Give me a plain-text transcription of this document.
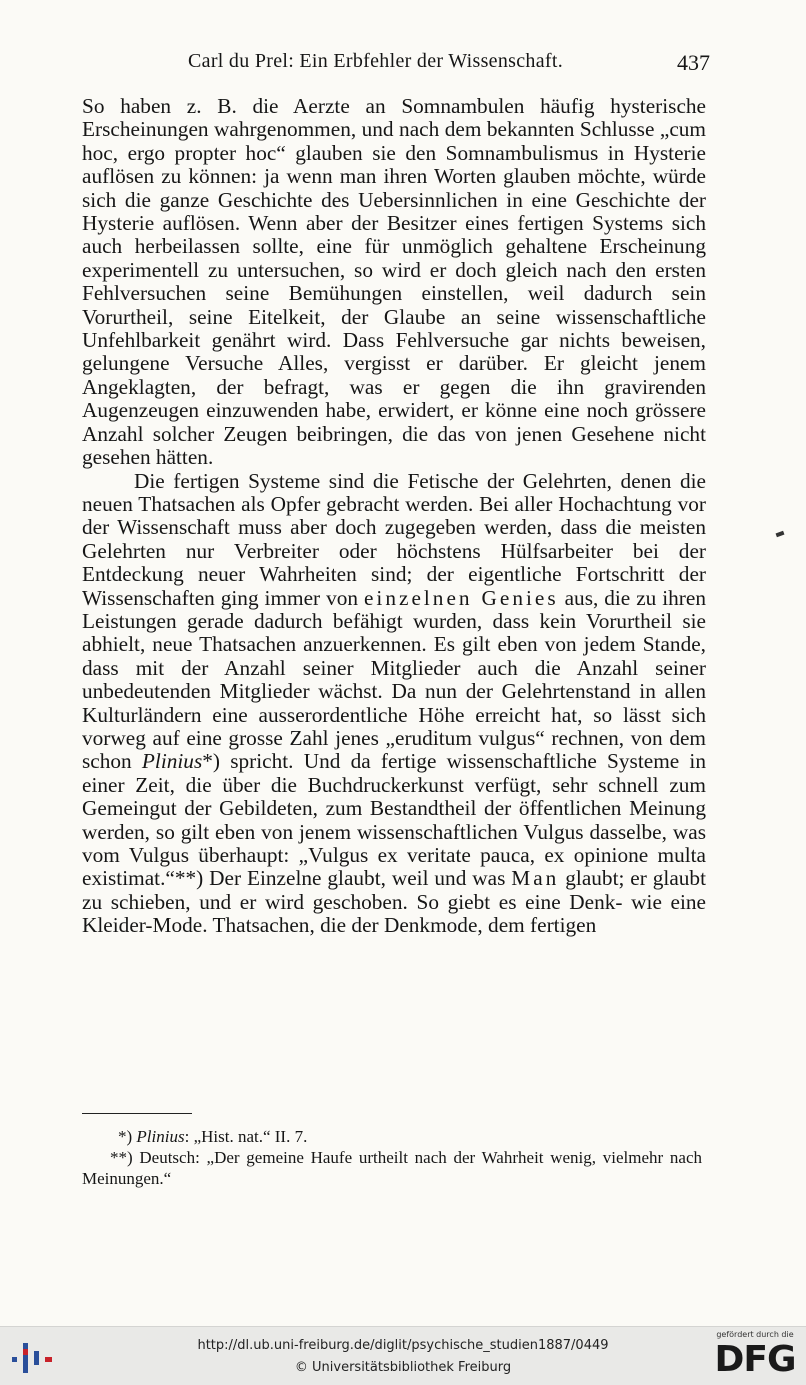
Carl du Prel: Ein Erbfehler der Wissenschaft.	437

So haben z. B. die Aerzte an Somnambulen häufig hysterische Erscheinungen wahrgenommen, und nach dem bekannten Schlusse „cum hoc, ergo propter hoc“ glauben sie den Somnambulismus in Hysterie auflösen zu können: ja wenn man ihren Worten glauben möchte, würde sich die ganze Geschichte des Uebersinnlichen in eine Geschichte der Hysterie auflösen. Wenn aber der Besitzer eines fertigen Systems sich auch herbeilassen sollte, eine für unmöglich gehaltene Erscheinung experimentell zu untersuchen, so wird er doch gleich nach den ersten Fehlversuchen seine Bemühungen einstellen, weil dadurch sein Vorurtheil, seine Eitelkeit, der Glaube an seine wissenschaftliche Unfehlbarkeit genährt wird. Dass Fehlversuche gar nichts beweisen, gelungene Versuche Alles, vergisst er darüber. Er gleicht jenem Angeklagten, der befragt, was er gegen die ihn gravirenden Augenzeugen einzuwenden habe, erwidert, er könne eine noch grössere Anzahl solcher Zeugen beibringen, die das von jenen Gesehene nicht gesehen hätten.

Die fertigen Systeme sind die Fetische der Gelehrten, denen die neuen Thatsachen als Opfer gebracht werden. Bei aller Hochachtung vor der Wissenschaft muss aber doch zugegeben werden, dass die meisten Gelehrten nur Verbreiter oder höchstens Hülfsarbeiter bei der Entdeckung neuer Wahrheiten sind; der eigentliche Fortschritt der Wissenschaften ging immer von einzelnen Genies aus, die zu ihren Leistungen gerade dadurch befähigt wurden, dass kein Vorurtheil sie abhielt, neue Thatsachen anzuerkennen. Es gilt eben von jedem Stande, dass mit der Anzahl seiner Mitglieder auch die Anzahl seiner unbedeutenden Mitglieder wächst. Da nun der Gelehrtenstand in allen Kulturländern eine ausserordentliche Höhe erreicht hat, so lässt sich vorweg auf eine grosse Zahl jenes „eruditum vulgus“ rechnen, von dem schon Plinius*) spricht. Und da fertige wissenschaftliche Systeme in einer Zeit, die über die Buchdruckerkunst verfügt, sehr schnell zum Gemeingut der Gebildeten, zum Bestandtheil der öffentlichen Meinung werden, so gilt eben von jenem wissenschaftlichen Vulgus dasselbe, was vom Vulgus überhaupt: „Vulgus ex veritate pauca, ex opinione multa existimat.“**) Der Einzelne glaubt, weil und was Man glaubt; er glaubt zu schieben, und er wird geschoben. So giebt es eine Denk- wie eine Kleider-Mode. Thatsachen, die der Denkmode, dem fertigen

*) Plinius: „Hist. nat.“ II. 7.

**) Deutsch: „Der gemeine Haufe urtheilt nach der Wahrheit wenig, vielmehr nach Meinungen.“

http://dl.ub.uni-freiburg.de/diglit/psychische_studien1887/0449
© Universitätsbibliothek Freiburg
gefördert durch die
DFG
